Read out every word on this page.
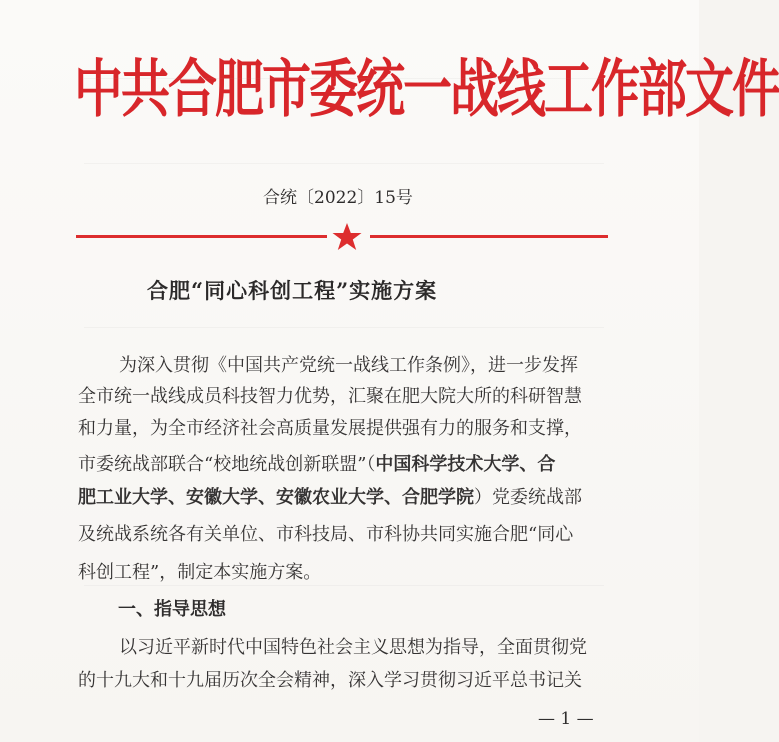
中共合肥市委统一战线工作部文件
合统〔2022〕15号
合肥“同心科创工程”实施方案
为深入贯彻《中国共产党统一战线工作条例》，进一步发挥
全市统一战线成员科技智力优势，汇聚在肥大院大所的科研智慧
和力量，为全市经济社会高质量发展提供强有力的服务和支撑，
市委统战部联合“校地统战创新联盟”（中国科学技术大学、合
肥工业大学、安徽大学、安徽农业大学、合肥学院）党委统战部
及统战系统各有关单位、市科技局、市科协共同实施合肥“同心
科创工程”，制定本实施方案。
一、指导思想
以习近平新时代中国特色社会主义思想为指导，全面贯彻党
的十九大和十九届历次全会精神，深入学习贯彻习近平总书记关
— 1 —
